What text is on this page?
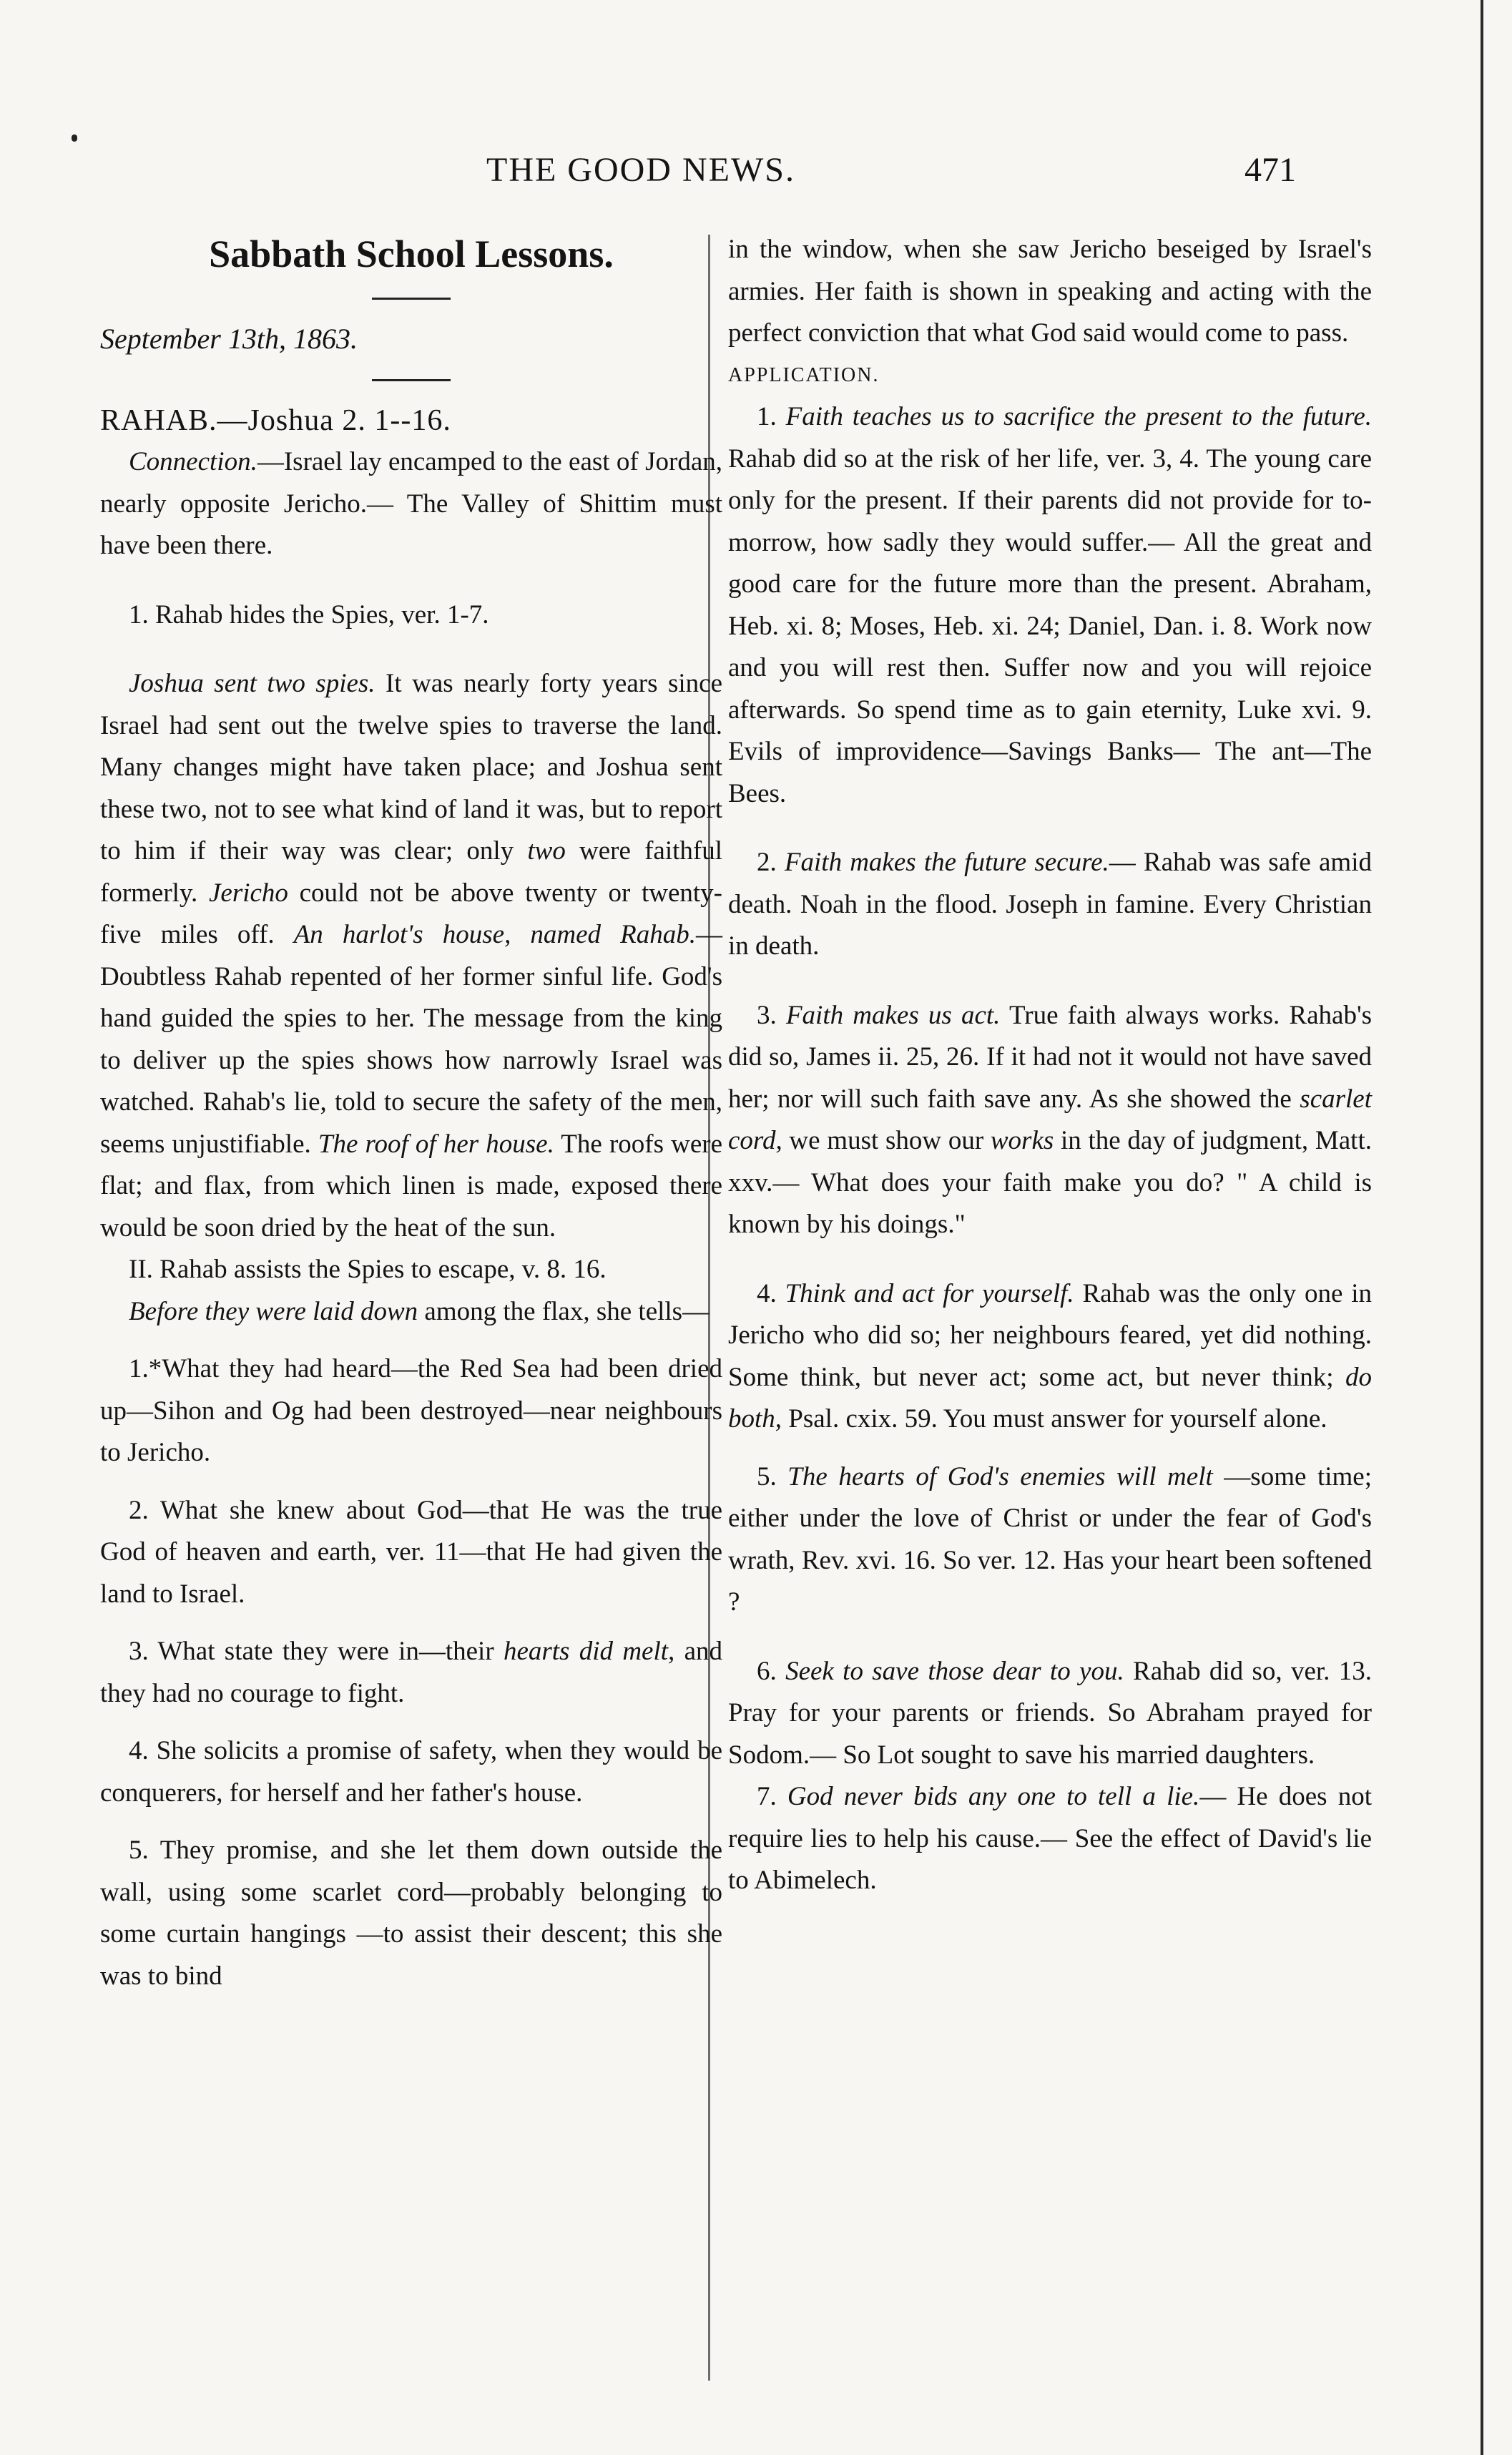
THE GOOD NEWS.	471

Sabbath School Lessons.

September 13th, 1863.

RAHAB.—Joshua 2. 1--16.

Connection.—Israel lay encamped to the east of Jordan, nearly opposite Jericho.— The Valley of Shittim must have been there.

1. Rahab hides the Spies, ver. 1-7.

Joshua sent two spies. It was nearly forty years since Israel had sent out the twelve spies to traverse the land. Many changes might have taken place; and Joshua sent these two, not to see what kind of land it was, but to report to him if their way was clear; only two were faithful formerly. Jericho could not be above twenty or twenty-five miles off. An harlot's house, named Rahab.— Doubtless Rahab repented of her former sinful life. God's hand guided the spies to her. The message from the king to deliver up the spies shows how narrowly Israel was watched. Rahab's lie, told to secure the safety of the men, seems unjustifiable. The roof of her house. The roofs were flat; and flax, from which linen is made, exposed there would be soon dried by the heat of the sun.

II. Rahab assists the Spies to escape, v. 8. 16.

Before they were laid down among the flax, she tells—

1.*What they had heard—the Red Sea had been dried up—Sihon and Og had been destroyed—near neighbours to Jericho.

2. What she knew about God—that He was the true God of heaven and earth, ver. 11—that He had given the land to Israel.

3. What state they were in—their hearts did melt, and they had no courage to fight.

4. She solicits a promise of safety, when they would be conquerers, for herself and her father's house.

5. They promise, and she let them down outside the wall, using some scarlet cord—probably belonging to some curtain hangings —to assist their descent; this she was to bind

in the window, when she saw Jericho beseiged by Israel's armies. Her faith is shown in speaking and acting with the perfect conviction that what God said would come to pass.

APPLICATION.

1. Faith teaches us to sacrifice the present to the future. Rahab did so at the risk of her life, ver. 3, 4. The young care only for the present. If their parents did not provide for to-morrow, how sadly they would suffer.— All the great and good care for the future more than the present. Abraham, Heb. xi. 8; Moses, Heb. xi. 24; Daniel, Dan. i. 8. Work now and you will rest then. Suffer now and you will rejoice afterwards. So spend time as to gain eternity, Luke xvi. 9. Evils of improvidence—Savings Banks— The ant—The Bees.

2. Faith makes the future secure.— Rahab was safe amid death. Noah in the flood. Joseph in famine. Every Christian in death.

3. Faith makes us act. True faith always works. Rahab's did so, James ii. 25, 26. If it had not it would not have saved her; nor will such faith save any. As she showed the scarlet cord, we must show our works in the day of judgment, Matt. xxv.— What does your faith make you do? " A child is known by his doings."

4. Think and act for yourself. Rahab was the only one in Jericho who did so; her neighbours feared, yet did nothing. Some think, but never act; some act, but never think; do both, Psal. cxix. 59. You must answer for yourself alone.

5. The hearts of God's enemies will melt —some time; either under the love of Christ or under the fear of God's wrath, Rev. xvi. 16. So ver. 12. Has your heart been softened ?

6. Seek to save those dear to you. Rahab did so, ver. 13. Pray for your parents or friends. So Abraham prayed for Sodom.— So Lot sought to save his married daughters.

7. God never bids any one to tell a lie.— He does not require lies to help his cause.— See the effect of David's lie to Abimelech.
